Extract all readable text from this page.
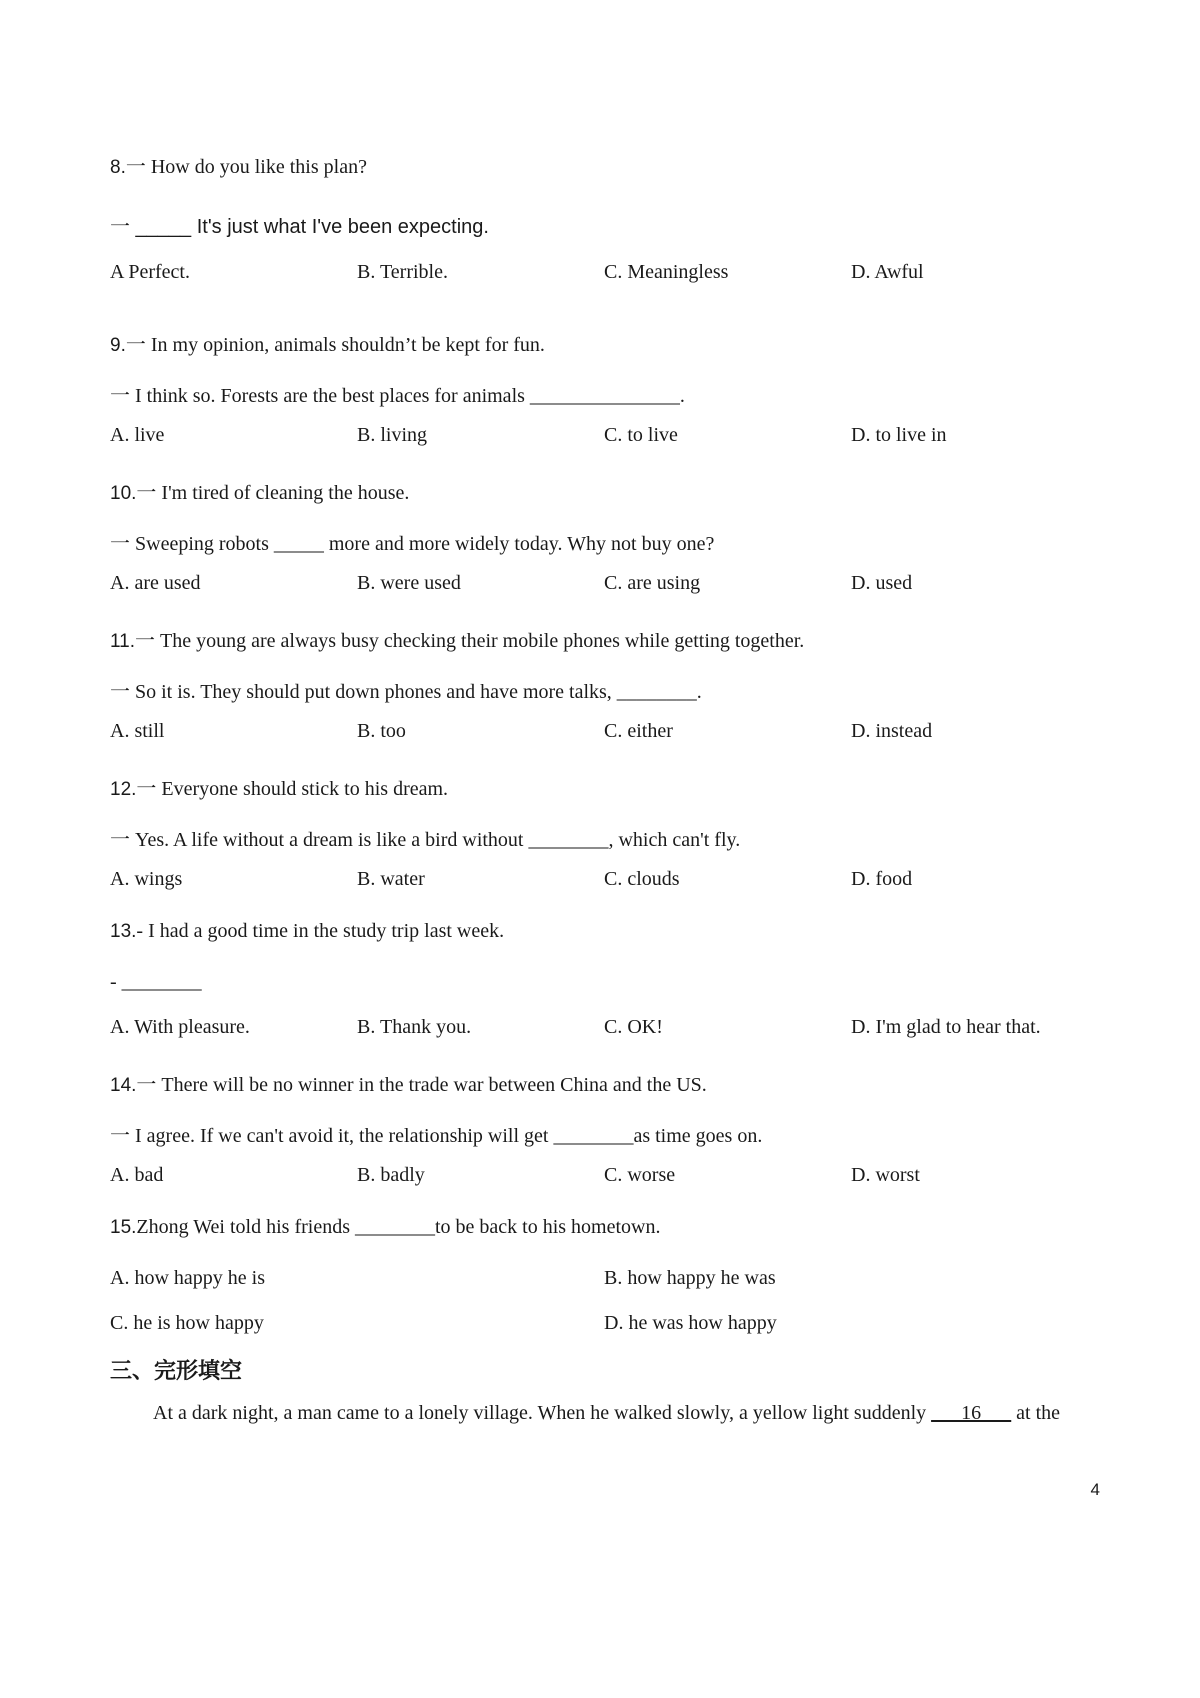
8.一 How do you like this plan?
一 _____ It's just what I've been expecting.
A Perfect.	B. Terrible.	C. Meaningless	D. Awful
9.一 In my opinion, animals shouldn’t be kept for fun.
一 I think so. Forests are the best places for animals _______________.
A. live	B. living	C. to live	D. to live in
10.一 I'm tired of cleaning the house.
一 Sweeping robots _____ more and more widely today. Why not buy one?
A. are used	B. were used	C. are using	D. used
11.一 The young are always busy checking their mobile phones while getting together.
一 So it is. They should put down phones and have more talks, ________.
A. still	B. too	C. either	D. instead
12.一 Everyone should stick to his dream.
一 Yes. A life without a dream is like a bird without ________, which can't fly.
A. wings	B. water	C. clouds	D. food
13.- I had a good time in the study trip last week.
- ________
A. With pleasure.	B. Thank you.	C. OK!	D. I'm glad to hear that.
14.一 There will be no winner in the trade war between China and the US.
一 I agree. If we can't avoid it, the relationship will get ________as time goes on.
A. bad	B. badly	C. worse	D. worst
15.Zhong Wei told his friends ________to be back to his hometown.
A. how happy he is	B. how happy he was
C. he is how happy	D. he was how happy
三、完形填空
At a dark night, a man came to a lonely village. When he walked slowly, a yellow light suddenly ___16___ at the
4
